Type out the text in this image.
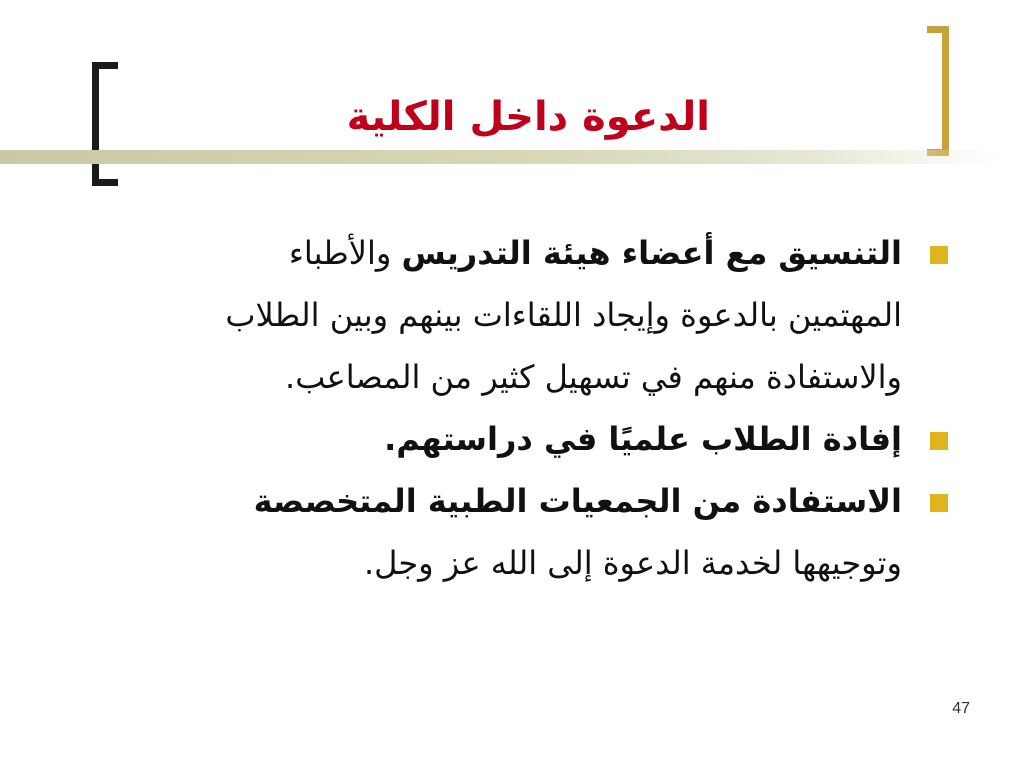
الدعوة داخل الكلية
التنسيق مع أعضاء هيئة التدريس والأطباء المهتمين بالدعوة وإيجاد اللقاءات بينهم وبين الطلاب والاستفادة منهم في تسهيل كثير من المصاعب.
إفادة الطلاب علميًا في دراستهم.
الاستفادة من الجمعيات الطبية المتخصصة وتوجيهها لخدمة الدعوة إلى الله عز وجل.
47
